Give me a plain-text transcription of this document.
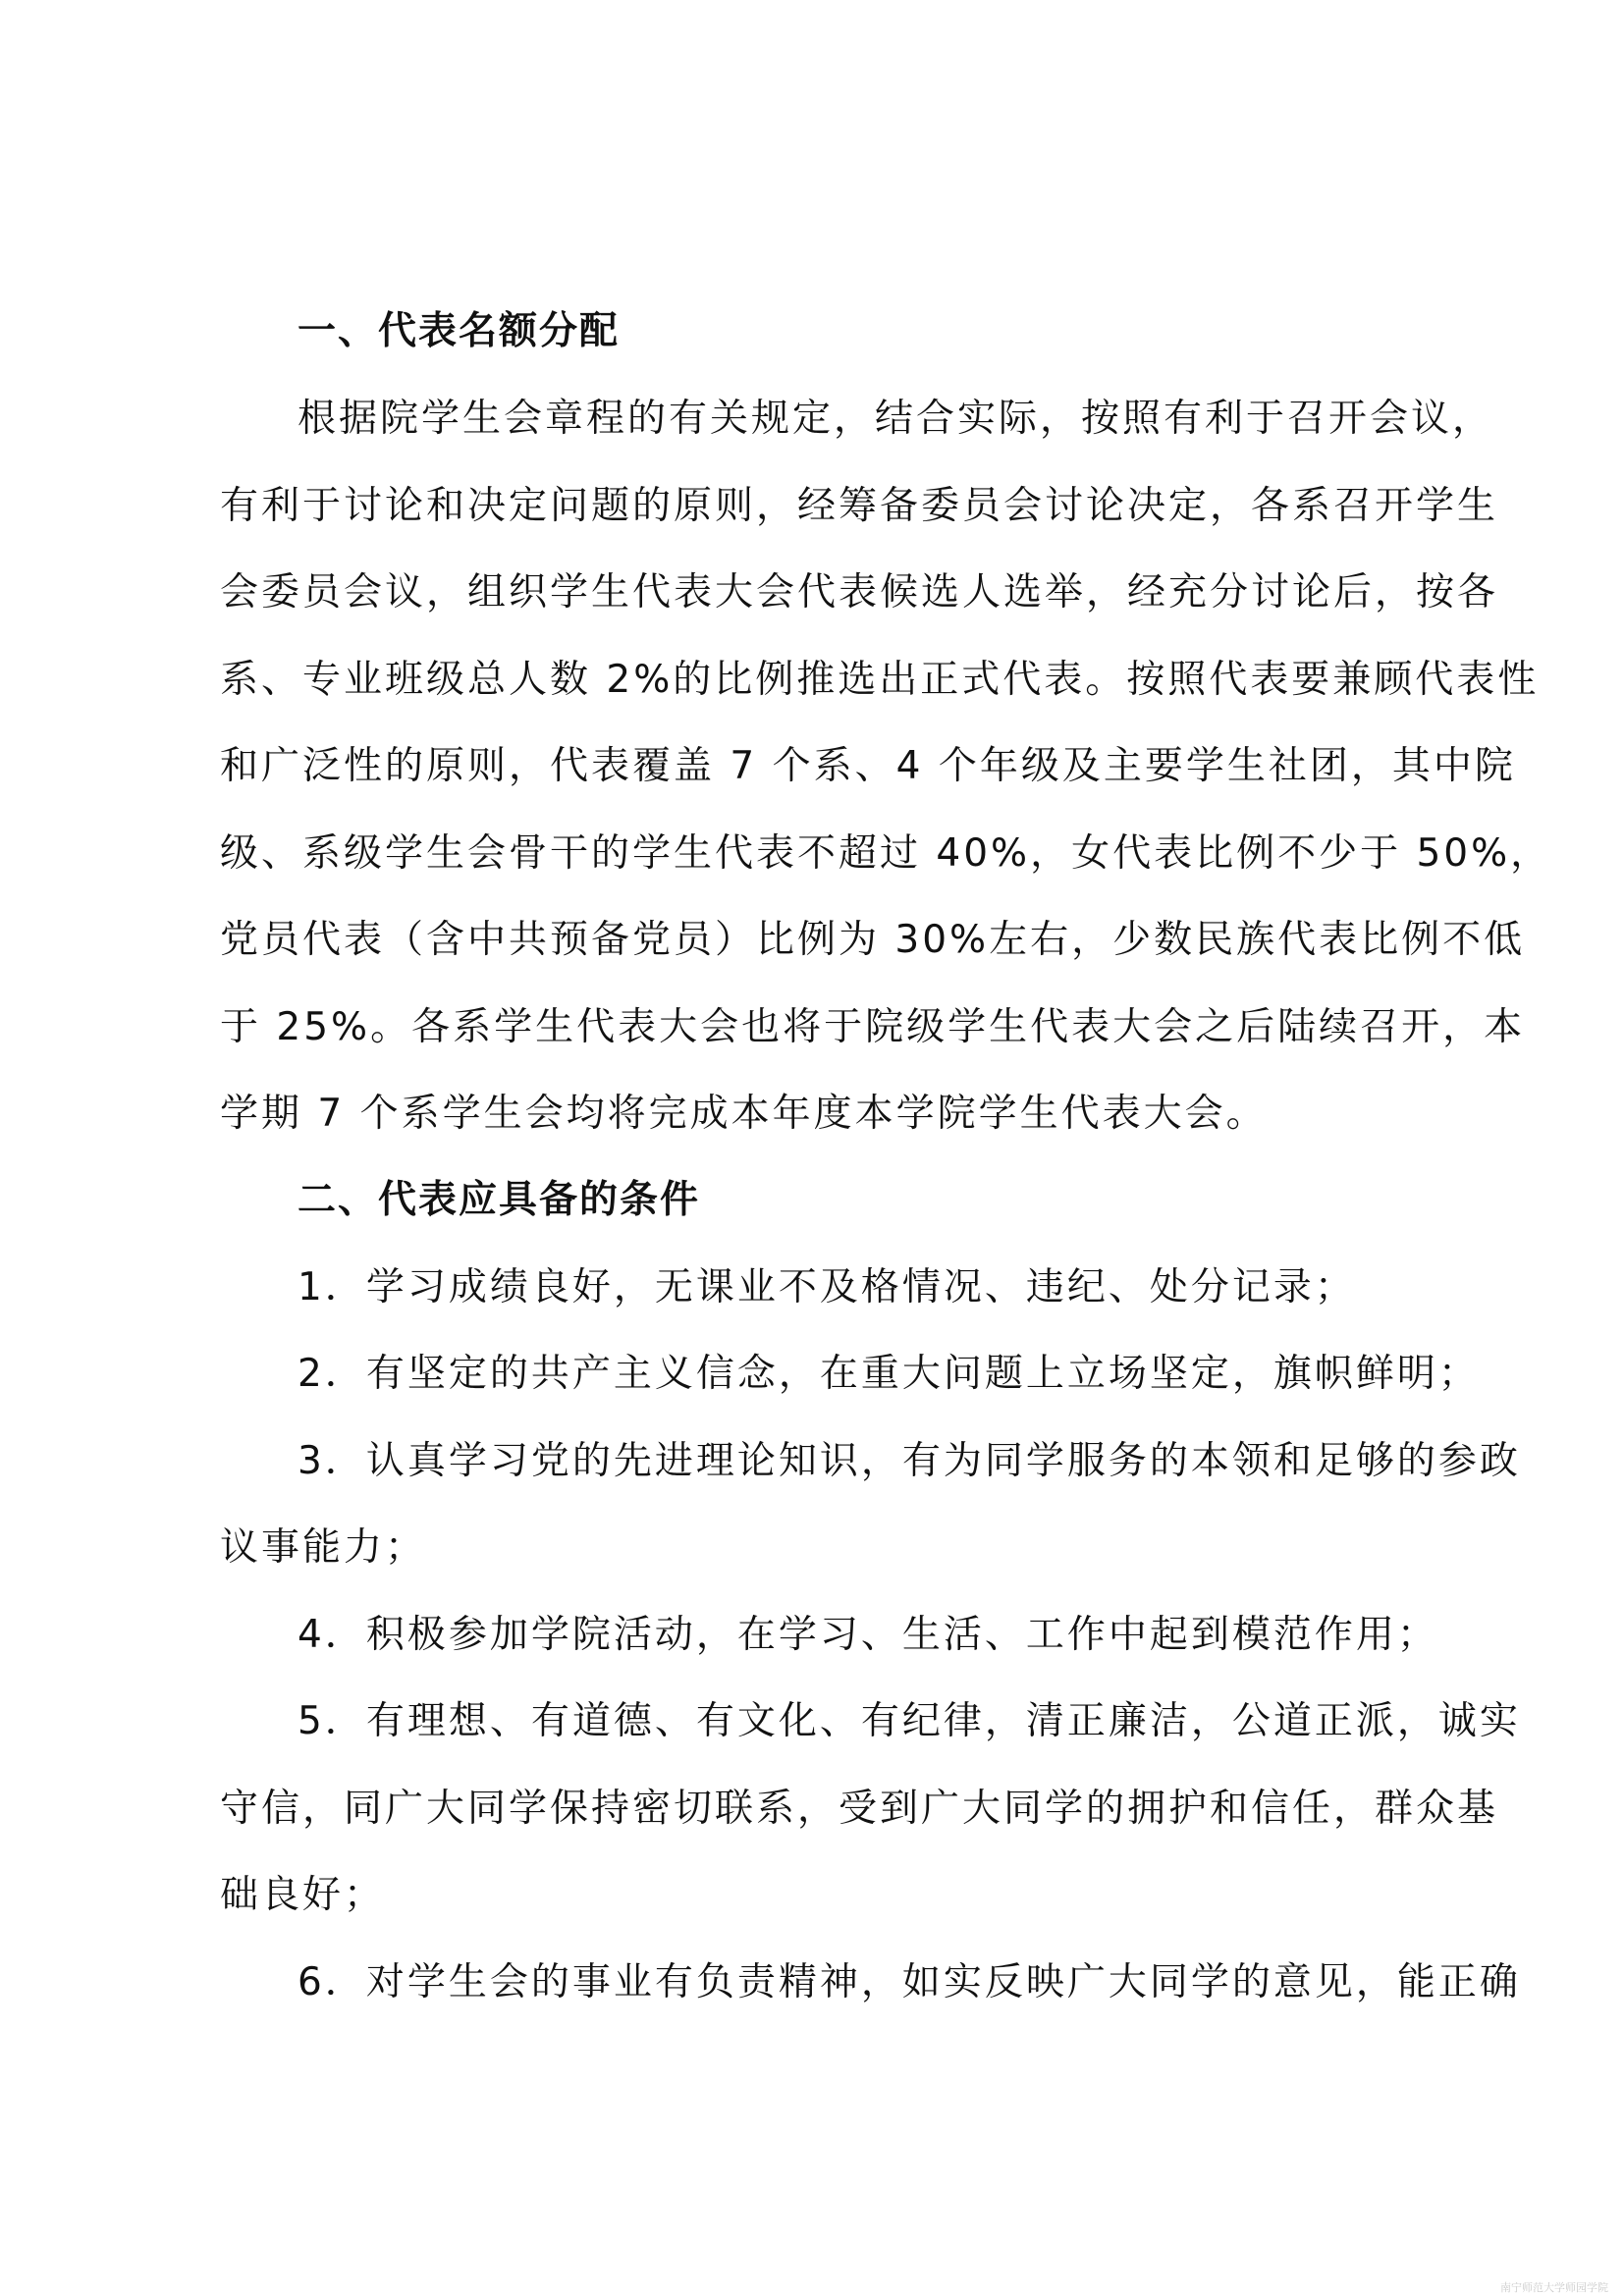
一、代表名额分配
根据院学生会章程的有关规定，结合实际，按照有利于召开会议，
有利于讨论和决定问题的原则，经筹备委员会讨论决定，各系召开学生
会委员会议，组织学生代表大会代表候选人选举，经充分讨论后，按各
系、专业班级总人数 2%的比例推选出正式代表。按照代表要兼顾代表性
和广泛性的原则，代表覆盖 7 个系、4 个年级及主要学生社团，其中院
级、系级学生会骨干的学生代表不超过 40%，女代表比例不少于 50%，
党员代表（含中共预备党员）比例为 30%左右，少数民族代表比例不低
于 25%。各系学生代表大会也将于院级学生代表大会之后陆续召开，本
学期 7 个系学生会均将完成本年度本学院学生代表大会。
二、代表应具备的条件
1．学习成绩良好，无课业不及格情况、违纪、处分记录；
2．有坚定的共产主义信念，在重大问题上立场坚定，旗帜鲜明；
3．认真学习党的先进理论知识，有为同学服务的本领和足够的参政
议事能力；
4．积极参加学院活动，在学习、生活、工作中起到模范作用；
5．有理想、有道德、有文化、有纪律，清正廉洁，公道正派，诚实
守信，同广大同学保持密切联系，受到广大同学的拥护和信任，群众基
础良好；
6．对学生会的事业有负责精神，如实反映广大同学的意见，能正确
南宁师范大学师园学院
